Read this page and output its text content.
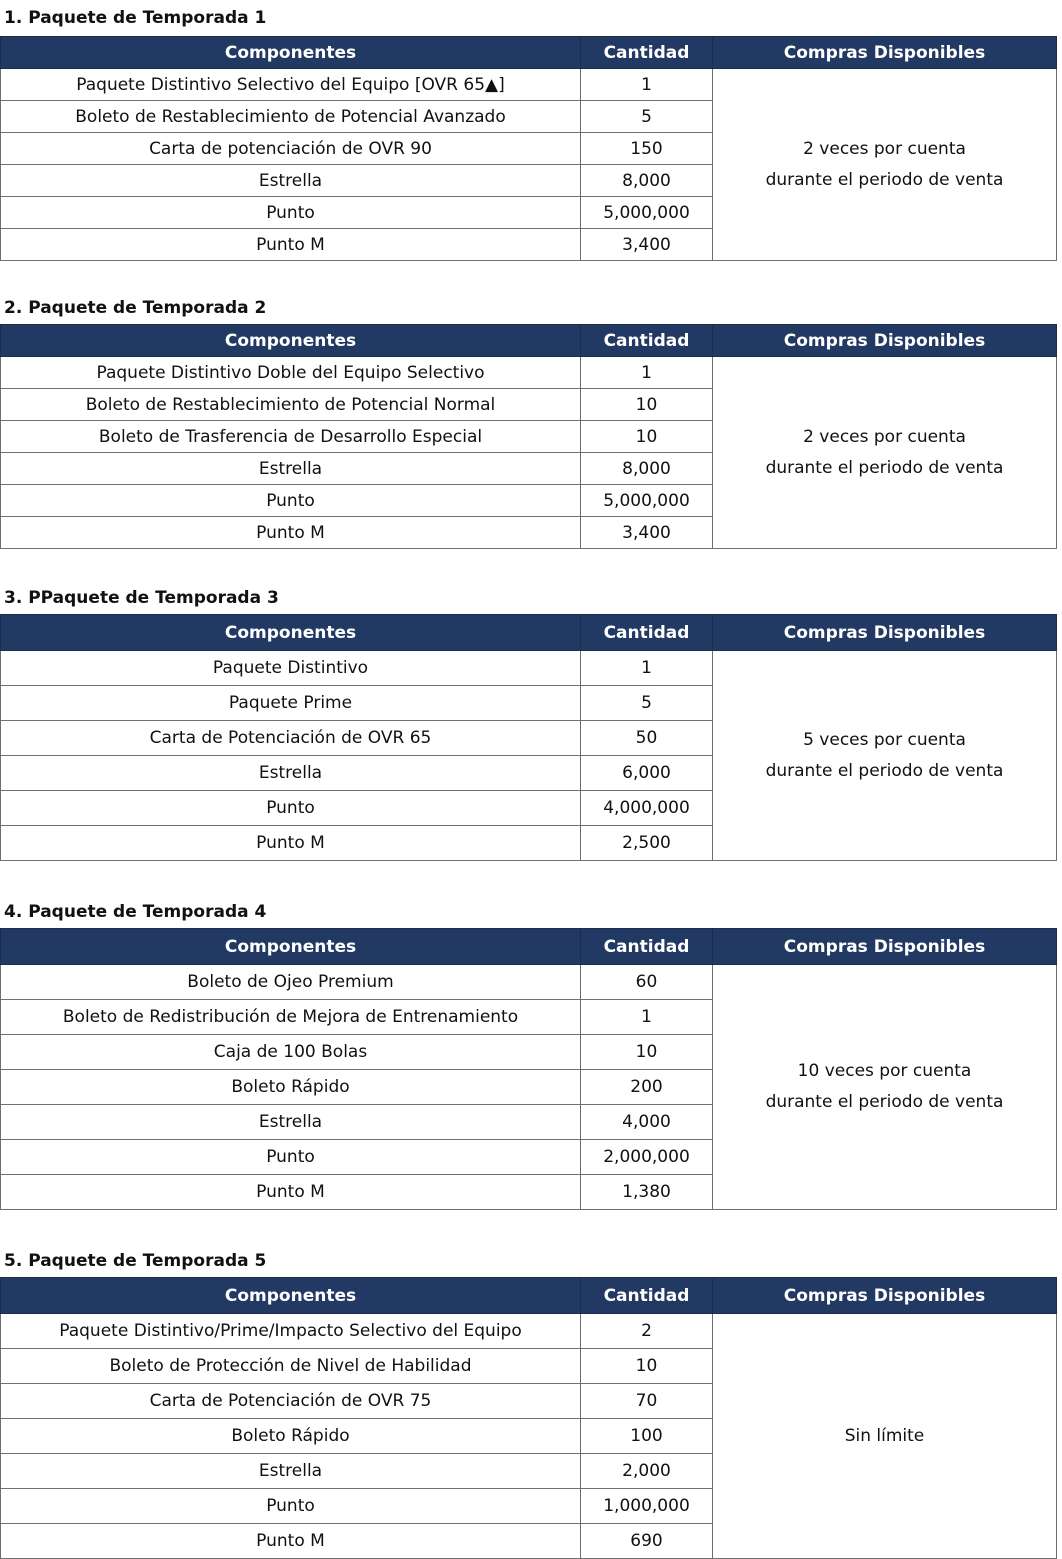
1. Paquete de Temporada 1
Componentes	Cantidad	Compras Disponibles
Paquete Distintivo Selectivo del Equipo [OVR 65▲]	1	2 veces por cuenta
durante el periodo de venta

Boleto de Restablecimiento de Potencial Avanzado	5	
Carta de potenciación de OVR 90	150	
Estrella	8,000	
Punto	5,000,000	
Punto M	3,400	
2. Paquete de Temporada 2
Componentes	Cantidad	Compras Disponibles
Paquete Distintivo Doble del Equipo Selectivo	1	2 veces por cuenta
durante el periodo de venta

Boleto de Restablecimiento de Potencial Normal	10	
Boleto de Trasferencia de Desarrollo Especial	10	
Estrella	8,000	
Punto	5,000,000	
Punto M	3,400	
3. PPaquete de Temporada 3
Componentes	Cantidad	Compras Disponibles
Paquete Distintivo	1	5 veces por cuenta
durante el periodo de venta

Paquete Prime	5	
Carta de Potenciación de OVR 65	50	
Estrella	6,000	
Punto	4,000,000	
Punto M	2,500	
4. Paquete de Temporada 4
Componentes	Cantidad	Compras Disponibles
Boleto de Ojeo Premium	60	10 veces por cuenta
durante el periodo de venta

Boleto de Redistribución de Mejora de Entrenamiento	1	
Caja de 100 Bolas	10	
Boleto Rápido	200	
Estrella	4,000	
Punto	2,000,000	
Punto M	1,380	
5. Paquete de Temporada 5
Componentes	Cantidad	Compras Disponibles
Paquete Distintivo/Prime/Impacto Selectivo del Equipo	2	Sin límite

Boleto de Protección de Nivel de Habilidad	10	
Carta de Potenciación de OVR 75	70	
Boleto Rápido	100	
Estrella	2,000	
Punto	1,000,000	
Punto M	690	
